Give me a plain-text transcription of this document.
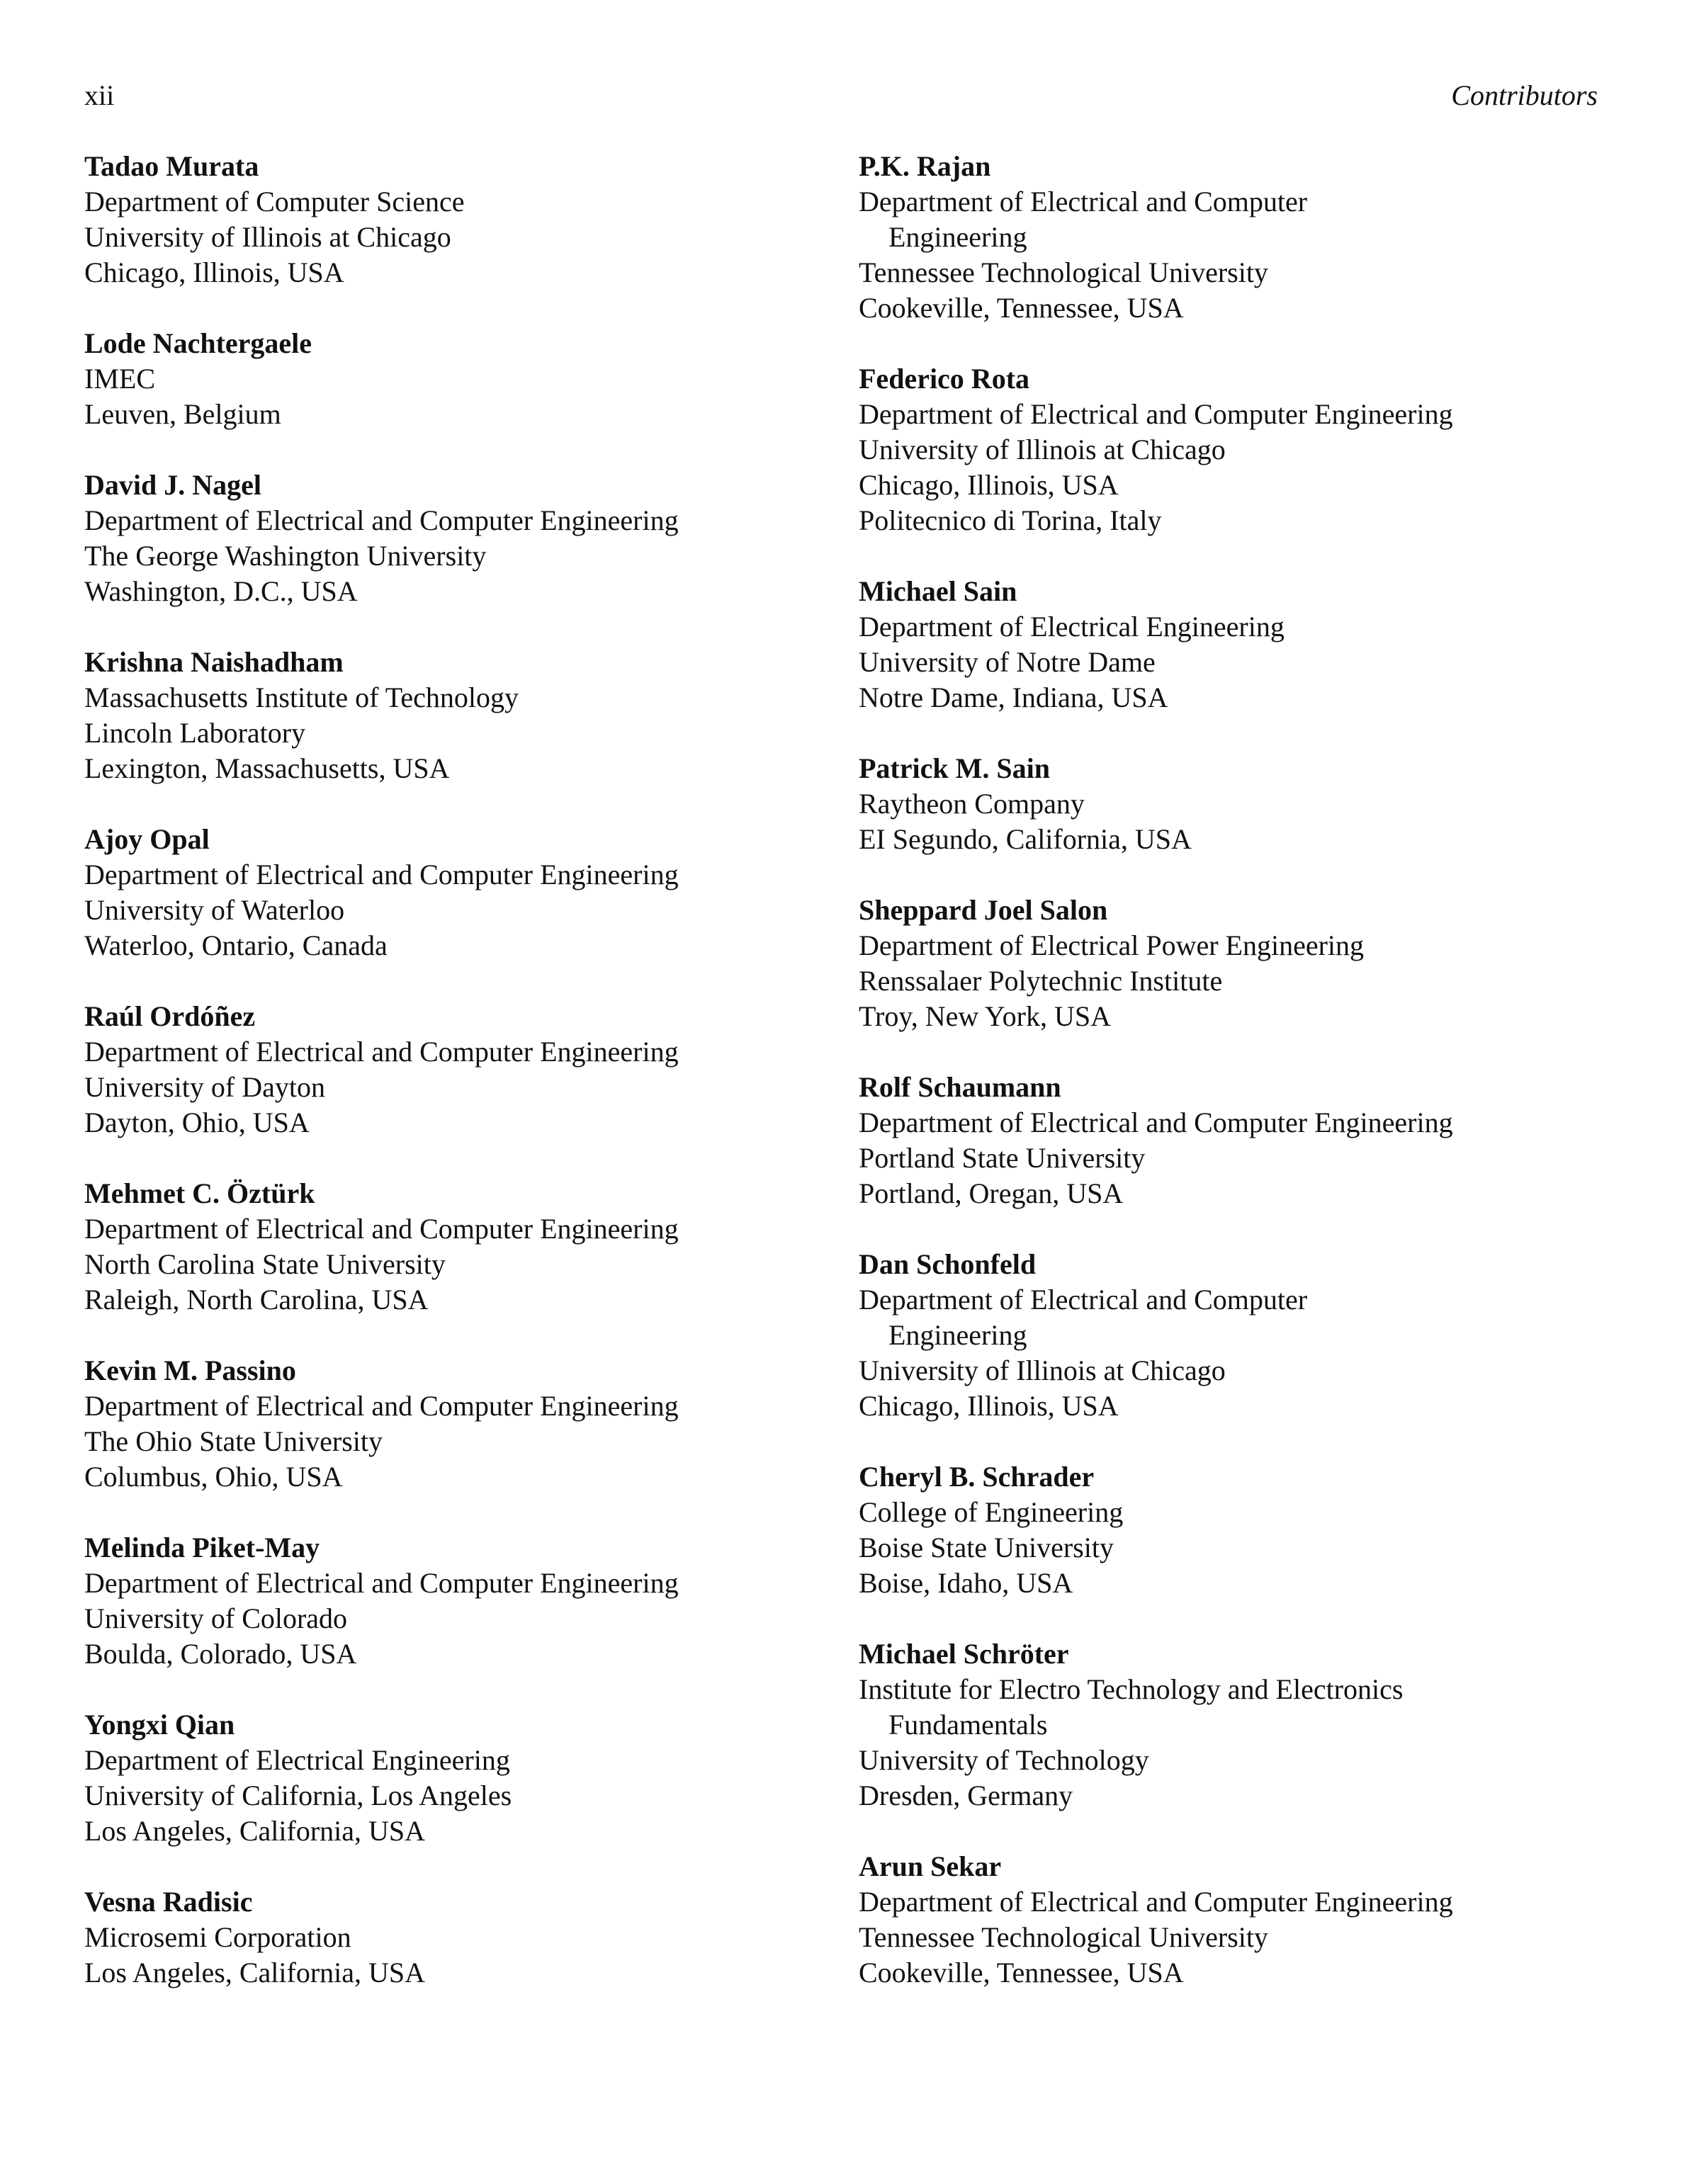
xii	Contributors
Tadao Murata
Department of Computer Science
University of Illinois at Chicago
Chicago, Illinois, USA
Lode Nachtergaele
IMEC
Leuven, Belgium
David J. Nagel
Department of Electrical and Computer Engineering
The George Washington University
Washington, D.C., USA
Krishna Naishadham
Massachusetts Institute of Technology
Lincoln Laboratory
Lexington, Massachusetts, USA
Ajoy Opal
Department of Electrical and Computer Engineering
University of Waterloo
Waterloo, Ontario, Canada
Raúl Ordóñez
Department of Electrical and Computer Engineering
University of Dayton
Dayton, Ohio, USA
Mehmet C. Öztürk
Department of Electrical and Computer Engineering
North Carolina State University
Raleigh, North Carolina, USA
Kevin M. Passino
Department of Electrical and Computer Engineering
The Ohio State University
Columbus, Ohio, USA
Melinda Piket-May
Department of Electrical and Computer Engineering
University of Colorado
Boulda, Colorado, USA
Yongxi Qian
Department of Electrical Engineering
University of California, Los Angeles
Los Angeles, California, USA
Vesna Radisic
Microsemi Corporation
Los Angeles, California, USA
P.K. Rajan
Department of Electrical and Computer
Engineering
Tennessee Technological University
Cookeville, Tennessee, USA
Federico Rota
Department of Electrical and Computer Engineering
University of Illinois at Chicago
Chicago, Illinois, USA
Politecnico di Torina, Italy
Michael Sain
Department of Electrical Engineering
University of Notre Dame
Notre Dame, Indiana, USA
Patrick M. Sain
Raytheon Company
EI Segundo, California, USA
Sheppard Joel Salon
Department of Electrical Power Engineering
Renssalaer Polytechnic Institute
Troy, New York, USA
Rolf Schaumann
Department of Electrical and Computer Engineering
Portland State University
Portland, Oregan, USA
Dan Schonfeld
Department of Electrical and Computer
Engineering
University of Illinois at Chicago
Chicago, Illinois, USA
Cheryl B. Schrader
College of Engineering
Boise State University
Boise, Idaho, USA
Michael Schröter
Institute for Electro Technology and Electronics
Fundamentals
University of Technology
Dresden, Germany
Arun Sekar
Department of Electrical and Computer Engineering
Tennessee Technological University
Cookeville, Tennessee, USA
